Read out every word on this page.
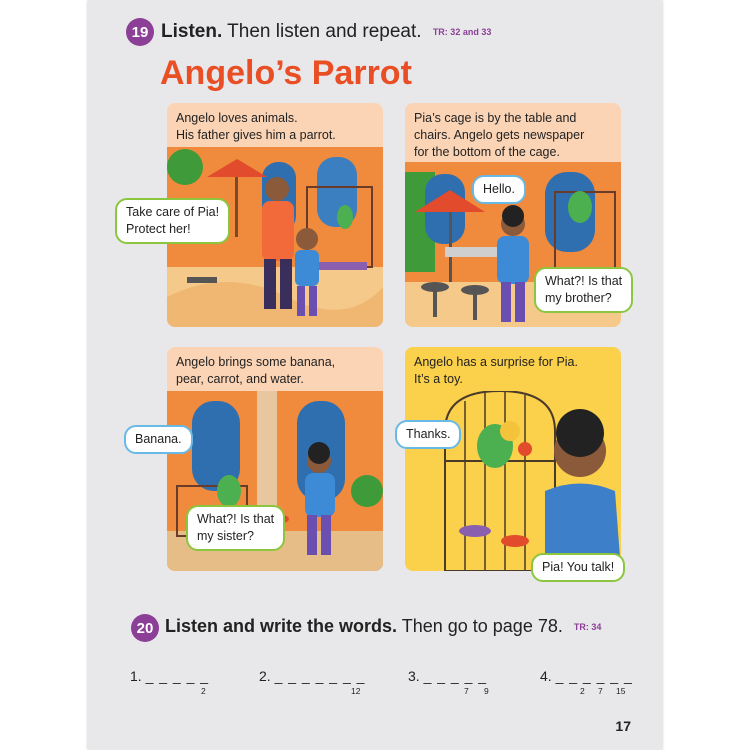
19 Listen. Then listen and repeat. TR: 32 and 33
Angelo’s Parrot
Angelo loves animals.
His father gives him a parrot.
Take care of Pia!
Protect her!
Pia’s cage is by the table and
chairs. Angelo gets newspaper
for the bottom of the cage.
Hello.
What?! Is that
my brother?
Angelo brings some banana,
pear, carrot, and water.
Banana.
What?! Is that
my sister?
Angelo has a surprise for Pia.
It’s a toy.
Thanks.
Pia! You talk!
20 Listen and write the words. Then go to page 78. TR: 34
1. _ _ _ _ _
2
2. _ _ _ _ _ _ _
12
3. _ _ _ _ _
7 9
4. _ _ _ _ _ _
2 7 15
17
